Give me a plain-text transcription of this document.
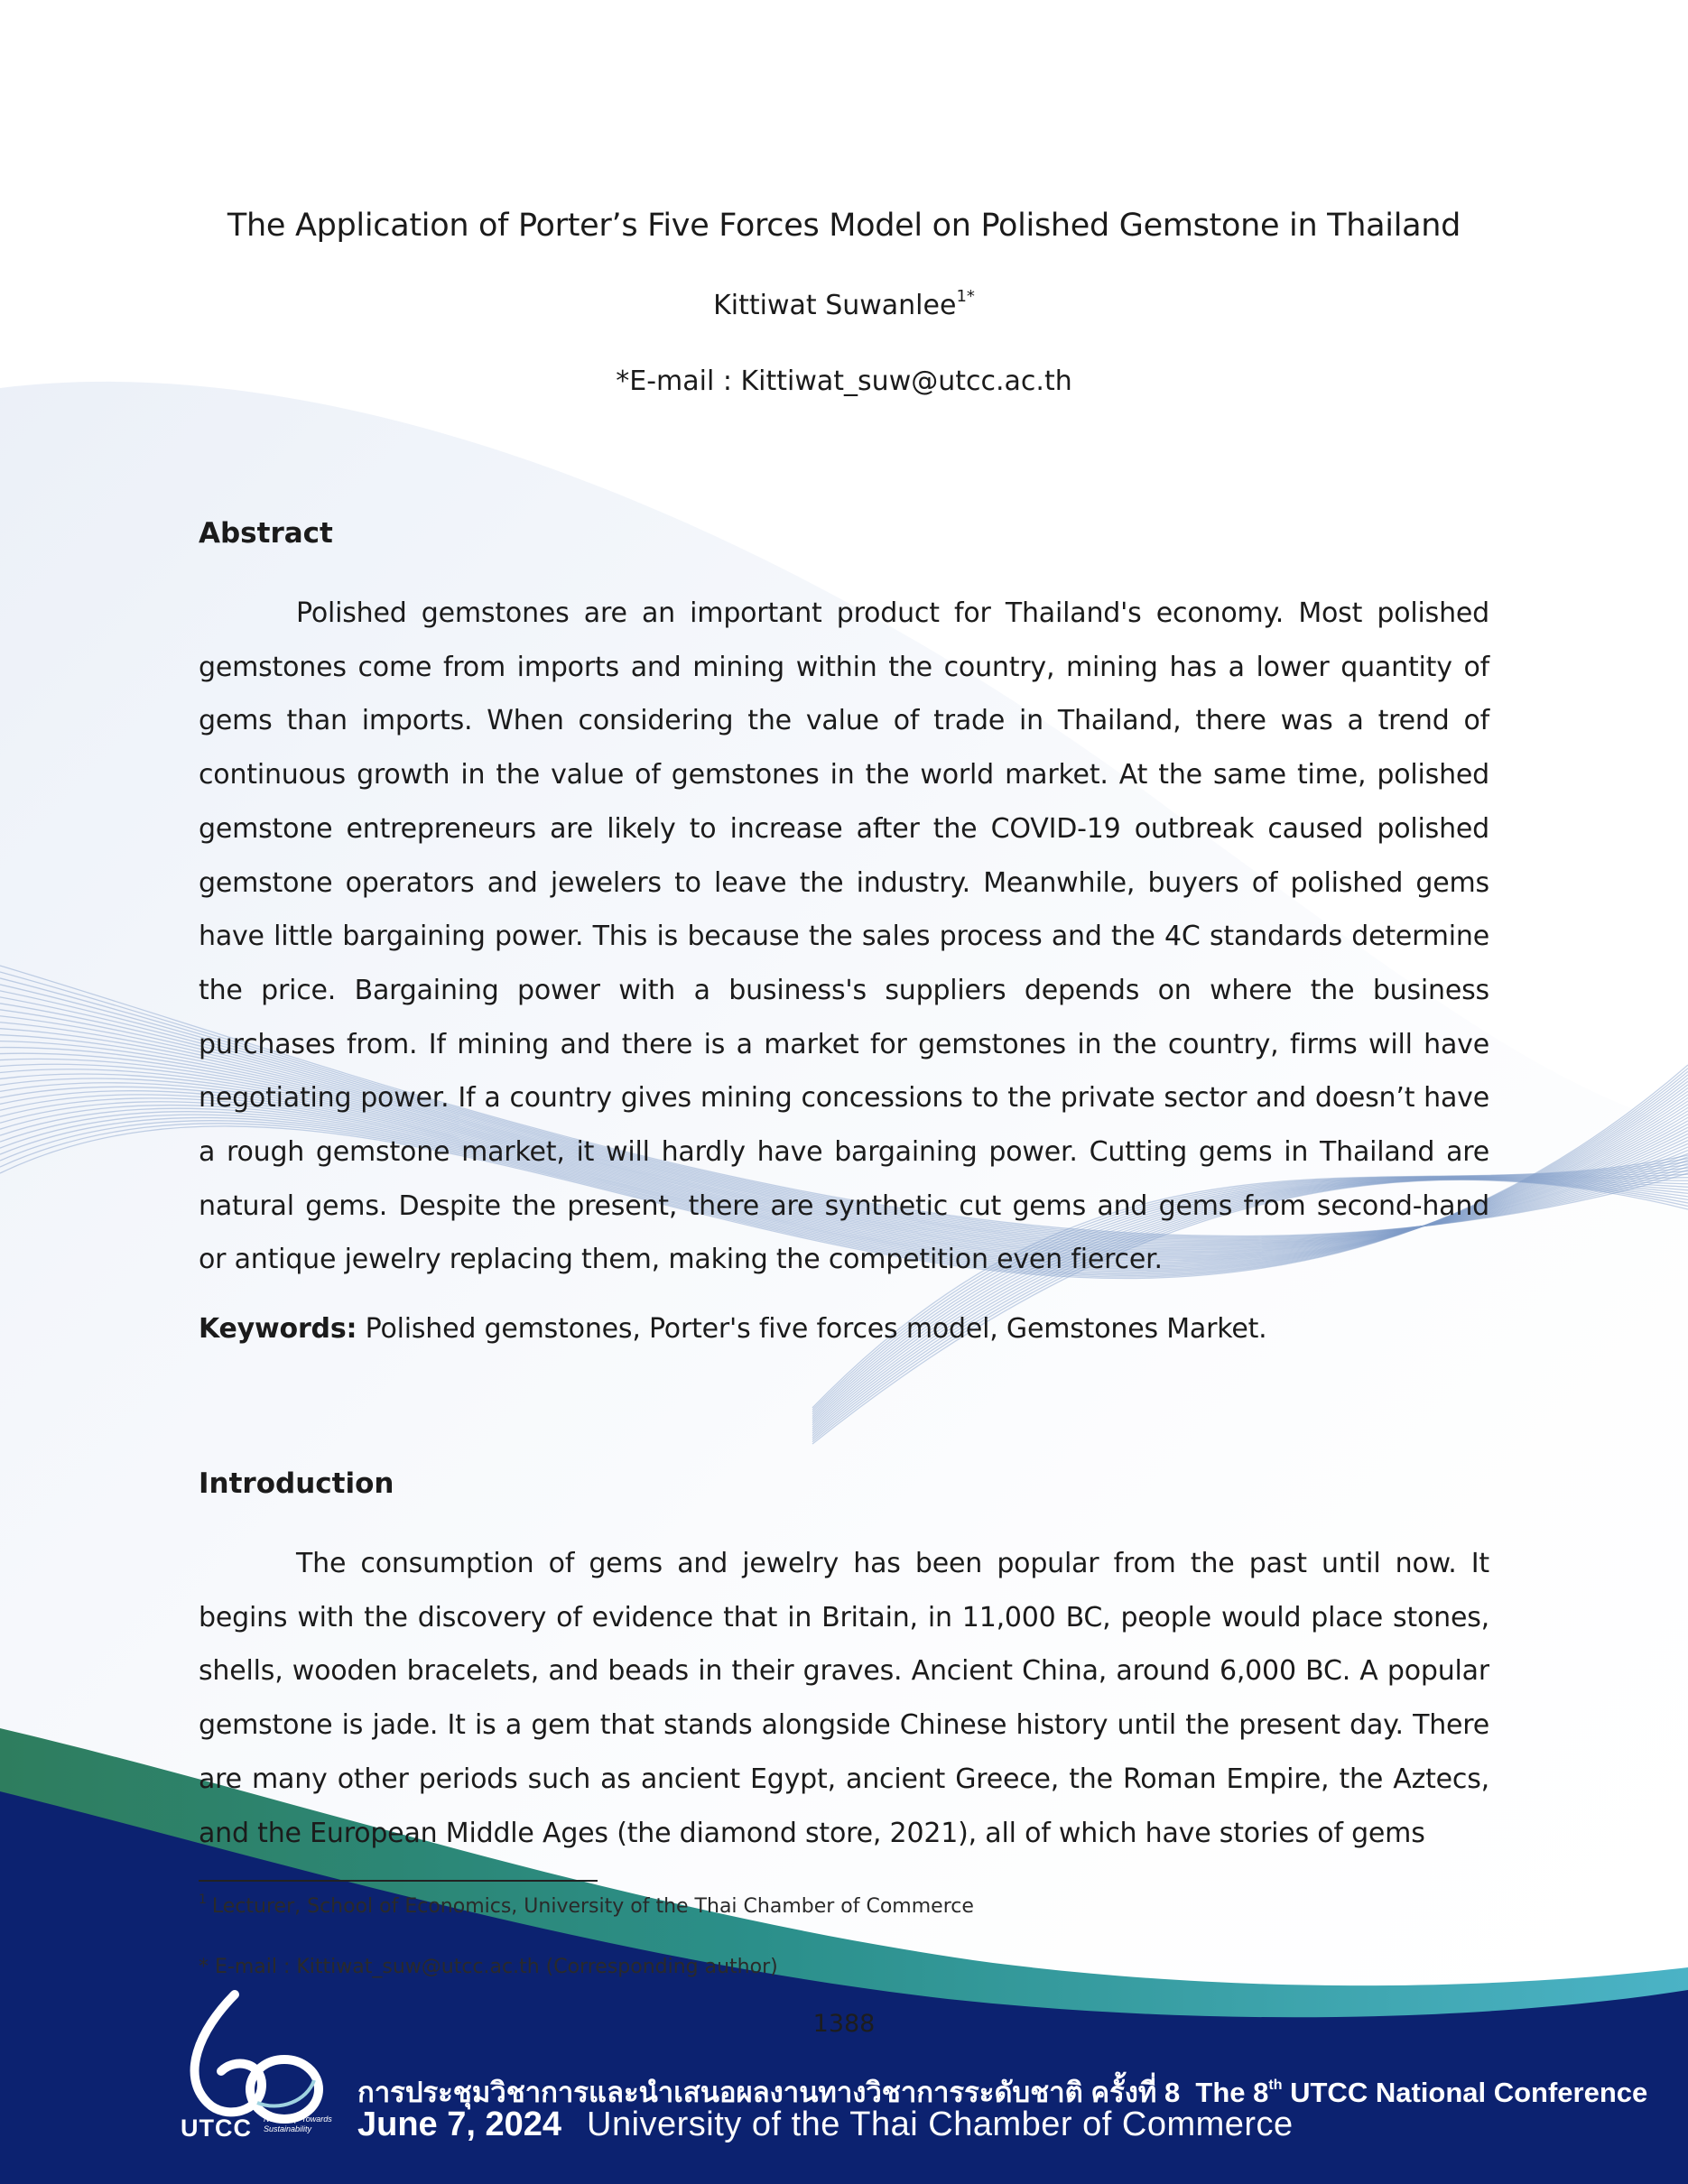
The Application of Porter’s Five Forces Model on Polished Gemstone in Thailand
Kittiwat Suwanlee$^{1*}$
*E-mail : Kittiwat_suw@utcc.ac.th
Abstract
Polished gemstones are an important product for Thailand's economy. Most polished gemstones come from imports and mining within the country, mining has a lower quantity of gems than imports. When considering the value of trade in Thailand, there was a trend of continuous growth in the value of gemstones in the world market. At the same time, polished gemstone entrepreneurs are likely to increase after the COVID-19 outbreak caused polished gemstone operators and jewelers to leave the industry. Meanwhile, buyers of polished gems have little bargaining power. This is because the sales process and the 4C standards determine the price. Bargaining power with a business's suppliers depends on where the business purchases from. If mining and there is a market for gemstones in the country, firms will have negotiating power. If a country gives mining concessions to the private sector and doesn’t have a rough gemstone market, it will hardly have bargaining power. Cutting gems in Thailand are natural gems. Despite the present, there are synthetic cut gems and gems from second-hand or antique jewelry replacing them, making the competition even fiercer.
Keywords: Polished gemstones, Porter's five forces model, Gemstones Market.
Introduction
The consumption of gems and jewelry has been popular from the past until now. It begins with the discovery of evidence that in Britain, in 11,000 BC, people would place stones, shells, wooden bracelets, and beads in their graves. Ancient China, around 6,000 BC. A popular gemstone is jade. It is a gem that stands alongside Chinese history until the present day. There are many other periods such as ancient Egypt, ancient Greece, the Roman Empire, the Aztecs, and the European Middle Ages (the diamond store, 2021), all of which have stories of gems
$^1$ Lecturer, School of Economics, University of the Thai Chamber of Commerce
* E-mail : Kittiwat_suw@utcc.ac.th (Corresponding author)
1388
UTCC Next Step Towards Sustainability
การประชุมวิชาการและนำเสนอผลงานทางวิชาการระดับชาติ ครั้งที่ 8 The 8th UTCC National Conference
June 7, 2024 University of the Thai Chamber of Commerce
